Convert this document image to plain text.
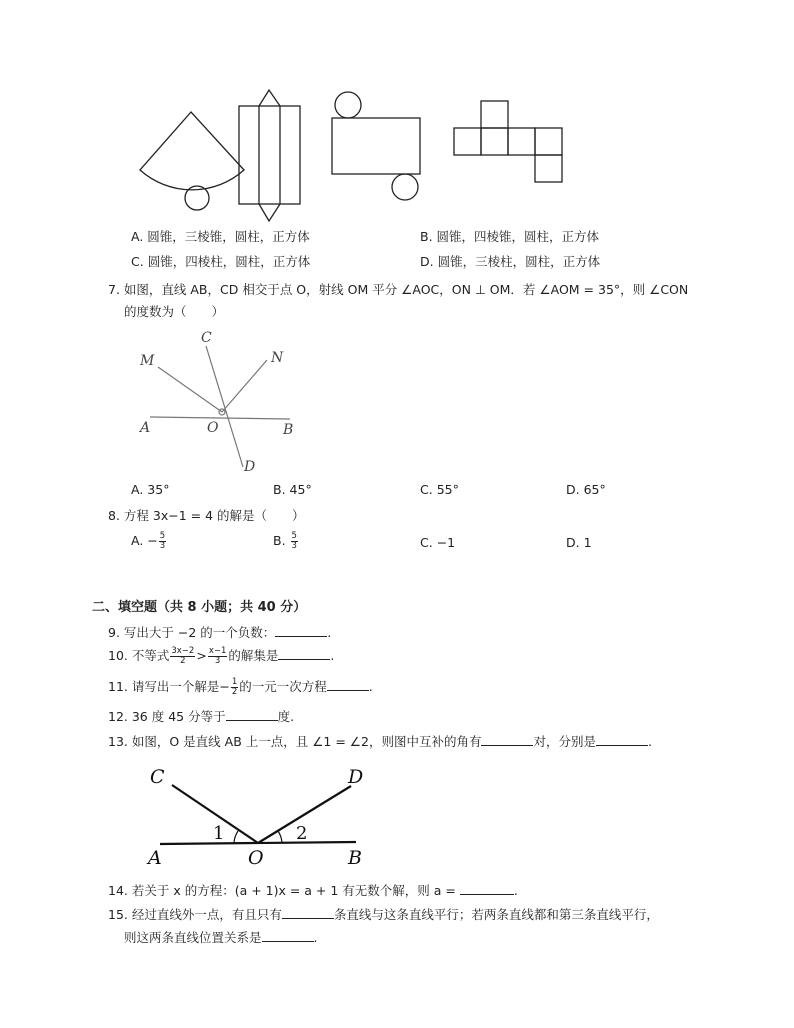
A. 圆锥，三棱锥，圆柱，正方体	B. 圆锥，四棱锥，圆柱，正方体
C. 圆锥，四棱柱，圆柱，正方体	D. 圆锥，三棱柱，圆柱，正方体
7. 如图，直线 AB，CD 相交于点 O，射线 OM 平分 ∠AOC，ON ⊥ OM．若 ∠AOM = 35°，则 ∠CON
的度数为（　　）
M
C
N
A	O	B
D
A. 35°	B. 45°	C. 55°	D. 65°
8. 方程 3x−1 = 4 的解是（　　）
A. − $\frac{5}{3}$	B. $\frac{5}{3}$	C. −1	D. 1
二、填空题（共 8 小题；共 40 分）
9. 写出大于 −2 的一个负数：	.
10. 不等式 $\frac{3x-2}{2} > \frac{x-1}{3}$ 的解集是	.
11. 请写出一个解是− $\frac{1}{2}$ 的一元一次方程	.
12. 36 度 45 分等于	度.
13. 如图，O 是直线 AB 上一点，且 ∠1 = ∠2，则图中互补的角有	对，分别是	.
C	D
A	O	B
1	2
14. 若关于 x 的方程：(a + 1)x = a + 1 有无数个解，则 a =	.
15. 经过直线外一点，有且只有	条直线与这条直线平行；若两条直线都和第三条直线平行，
则这两条直线位置关系是	.
